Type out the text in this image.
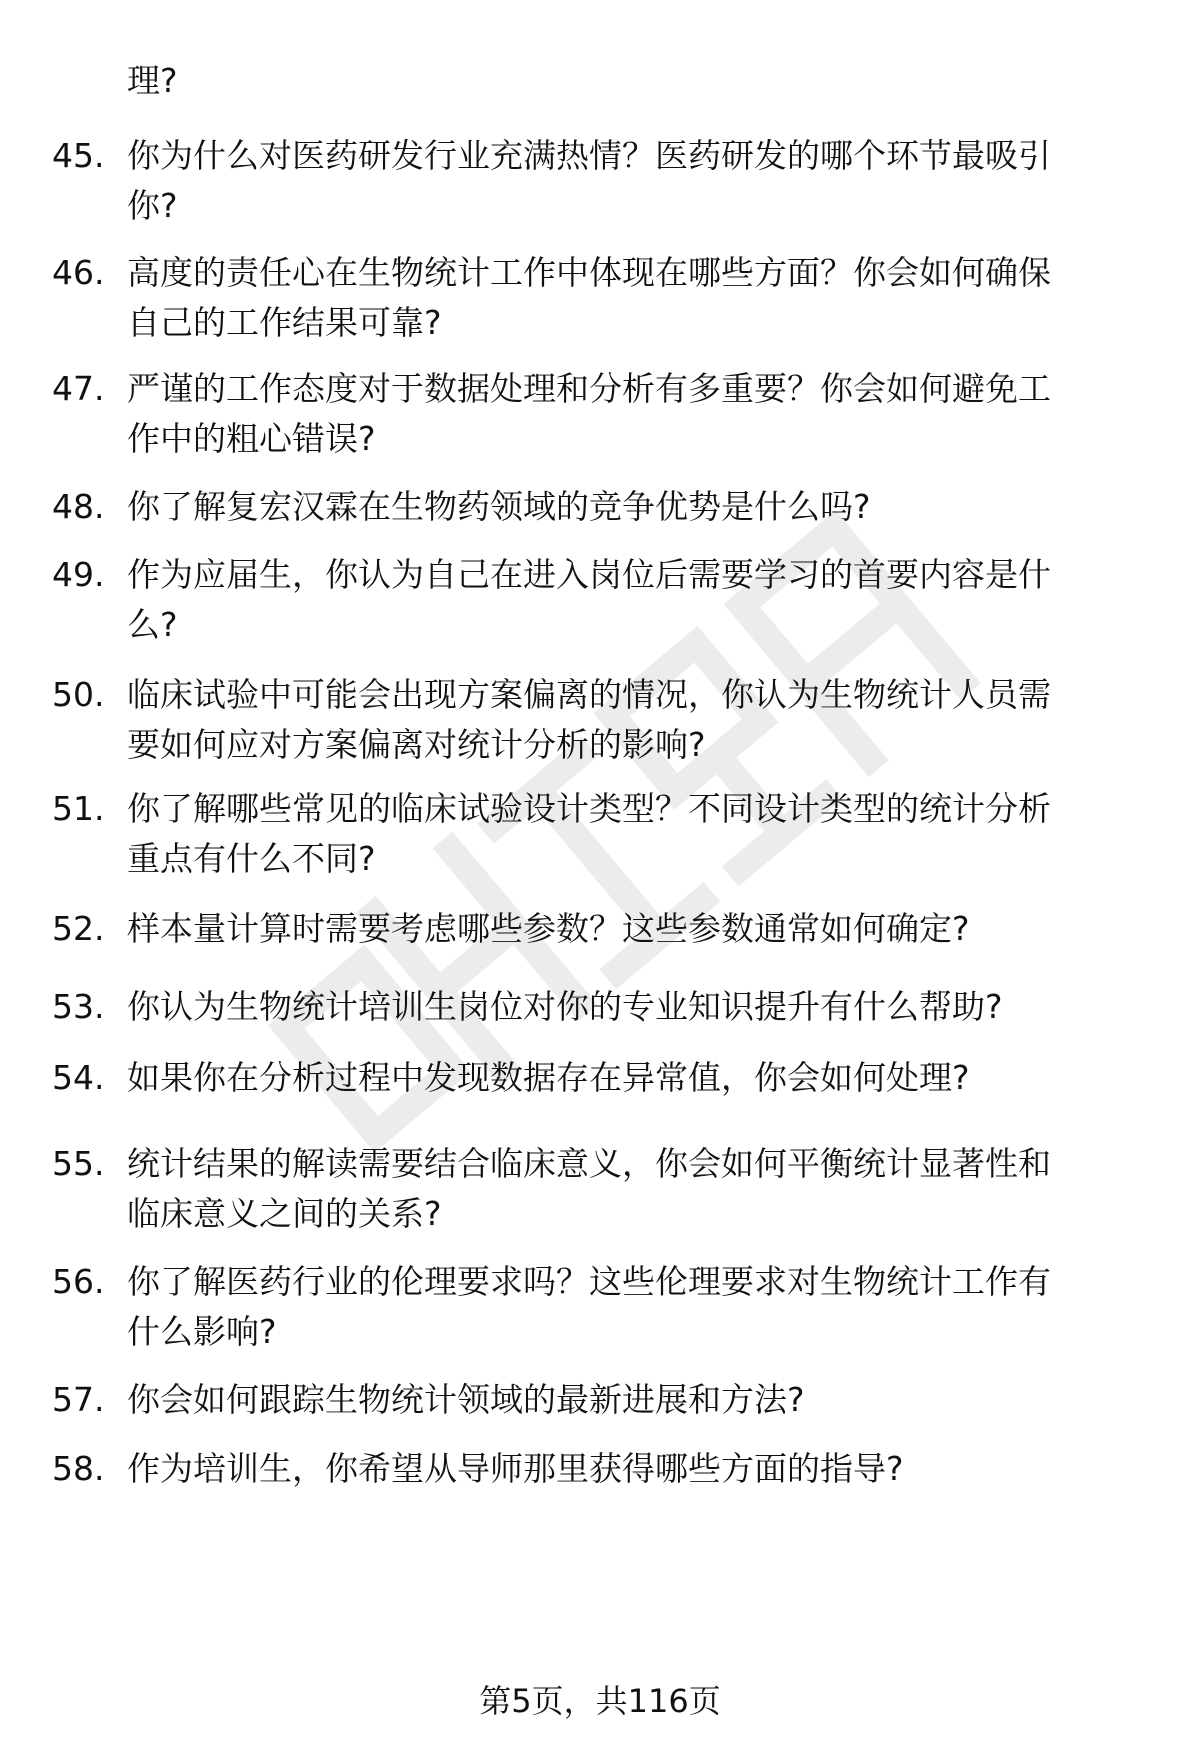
理?
45. 你为什么对医药研发行业充满热情？医药研发的哪个环节最吸引
你?
46. 高度的责任心在生物统计工作中体现在哪些方面？你会如何确保
自己的工作结果可靠?
47. 严谨的工作态度对于数据处理和分析有多重要？你会如何避免工
作中的粗心错误?
48. 你了解复宏汉霖在生物药领域的竞争优势是什么吗?
49. 作为应届生，你认为自己在进入岗位后需要学习的首要内容是什
么?
50. 临床试验中可能会出现方案偏离的情况，你认为生物统计人员需
要如何应对方案偏离对统计分析的影响?
51. 你了解哪些常见的临床试验设计类型？不同设计类型的统计分析
重点有什么不同?
52. 样本量计算时需要考虑哪些参数？这些参数通常如何确定?
53. 你认为生物统计培训生岗位对你的专业知识提升有什么帮助?
54. 如果你在分析过程中发现数据存在异常值，你会如何处理?
55. 统计结果的解读需要结合临床意义，你会如何平衡统计显著性和
临床意义之间的关系?
56. 你了解医药行业的伦理要求吗？这些伦理要求对生物统计工作有
什么影响?
57. 你会如何跟踪生物统计领域的最新进展和方法?
58. 作为培训生，你希望从导师那里获得哪些方面的指导?
第5页，共116页
